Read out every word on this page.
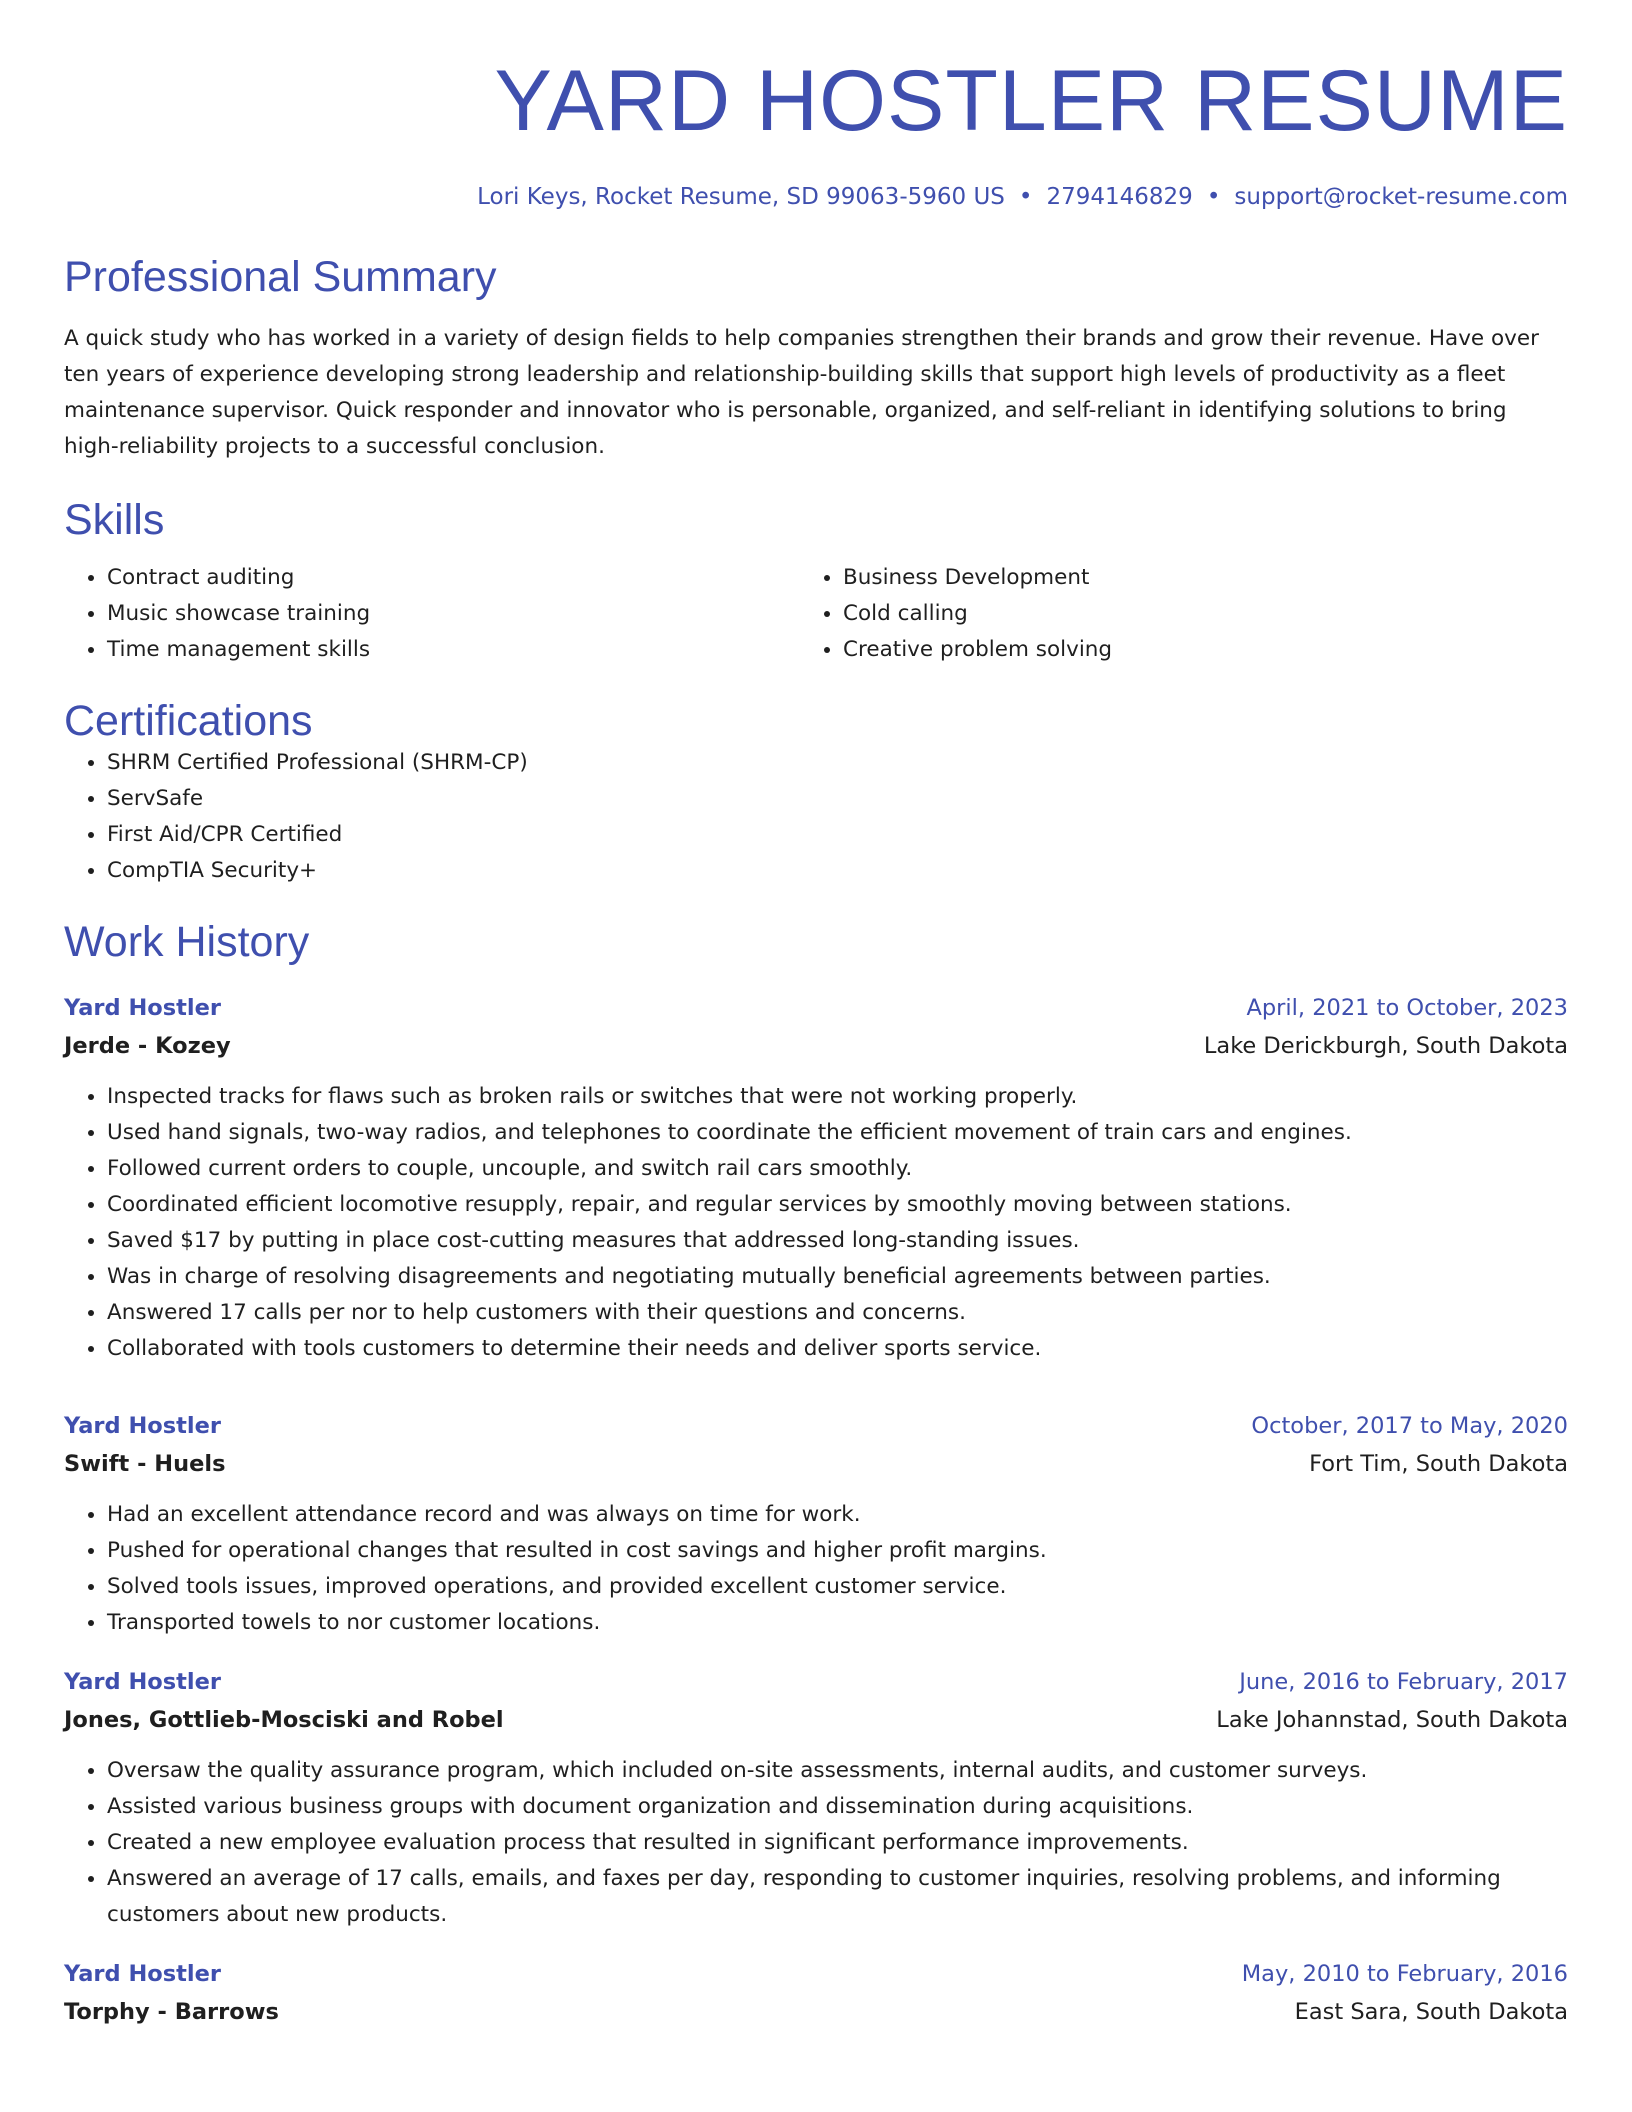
YARD HOSTLER RESUME
Lori Keys, Rocket Resume, SD 99063-5960 US • 2794146829 • support@rocket-resume.com
Professional Summary

A quick study who has worked in a variety of design fields to help companies strengthen their brands and grow their revenue. Have over ten years of experience developing strong leadership and relationship-building skills that support high levels of productivity as a fleet maintenance supervisor. Quick responder and innovator who is personable, organized, and self-reliant in identifying solutions to bring high-reliability projects to a successful conclusion.

Skills
• Contract auditing
• Music showcase training
• Time management skills
• Business Development
• Cold calling
• Creative problem solving
Certifications
• SHRM Certified Professional (SHRM-CP)
• ServSafe
• First Aid/CPR Certified
• CompTIA Security+
Work History
Yard Hostler	April, 2021 to October, 2023
Jerde - Kozey	Lake Derickburgh, South Dakota
• Inspected tracks for flaws such as broken rails or switches that were not working properly.
• Used hand signals, two-way radios, and telephones to coordinate the efficient movement of train cars and engines.
• Followed current orders to couple, uncouple, and switch rail cars smoothly.
• Coordinated efficient locomotive resupply, repair, and regular services by smoothly moving between stations.
• Saved $17 by putting in place cost-cutting measures that addressed long-standing issues.
• Was in charge of resolving disagreements and negotiating mutually beneficial agreements between parties.
• Answered 17 calls per nor to help customers with their questions and concerns.
• Collaborated with tools customers to determine their needs and deliver sports service.
Yard Hostler	October, 2017 to May, 2020
Swift - Huels	Fort Tim, South Dakota
• Had an excellent attendance record and was always on time for work.
• Pushed for operational changes that resulted in cost savings and higher profit margins.
• Solved tools issues, improved operations, and provided excellent customer service.
• Transported towels to nor customer locations.
Yard Hostler	June, 2016 to February, 2017
Jones, Gottlieb-Mosciski and Robel	Lake Johannstad, South Dakota
• Oversaw the quality assurance program, which included on-site assessments, internal audits, and customer surveys.
• Assisted various business groups with document organization and dissemination during acquisitions.
• Created a new employee evaluation process that resulted in significant performance improvements.
• Answered an average of 17 calls, emails, and faxes per day, responding to customer inquiries, resolving problems, and informing customers about new products.
Yard Hostler	May, 2010 to February, 2016
Torphy - Barrows	East Sara, South Dakota
